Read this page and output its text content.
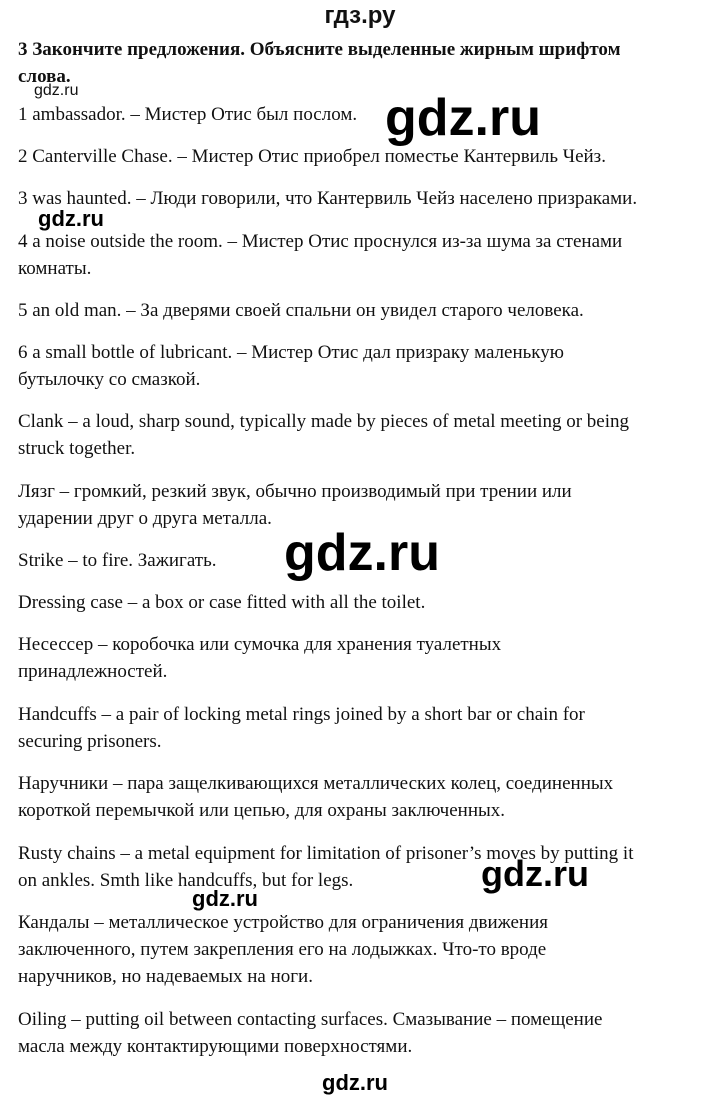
гдз.ру
3 Закончите предложения. Объясните выделенные жирным шрифтом
слова.
gdz.ru
1 ambassador. – Мистер Отис был послом.
2 Canterville Chase. – Мистер Отис приобрел поместье Кантервиль Чейз.
3 was haunted. – Люди говорили, что Кантервиль Чейз населено призраками.
4 a noise outside the room. – Мистер Отис проснулся из-за шума за стенами
комнаты.
5 an old man. – За дверями своей спальни он увидел старого человека.
6 a small bottle of lubricant. – Мистер Отис дал призраку маленькую
бутылочку со смазкой.
Clank – a loud, sharp sound, typically made by pieces of metal meeting or being
struck together.
Лязг – громкий, резкий звук, обычно производимый при трении или
ударении друг о друга металла.
Strike – to fire. Зажигать.
Dressing case – a box or case fitted with all the toilet.
Несессер – коробочка или сумочка для хранения туалетных
принадлежностей.
Handcuffs – a pair of locking metal rings joined by a short bar or chain for
securing prisoners.
Наручники – пара защелкивающихся металлических колец, соединенных
короткой перемычкой или цепью, для охраны заключенных.
Rusty chains – a metal equipment for limitation of prisoner’s moves by putting it
on ankles. Smth like handcuffs, but for legs.
Кандалы – металлическое устройство для ограничения движения
заключенного, путем закрепления его на лодыжках. Что-то вроде
наручников, но надеваемых на ноги.
Oiling – putting oil between contacting surfaces. Смазывание – помещение
масла между контактирующими поверхностями.
gdz.ru
gdz.ru
gdz.ru
gdz.ru
gdz.ru
gdz.ru
